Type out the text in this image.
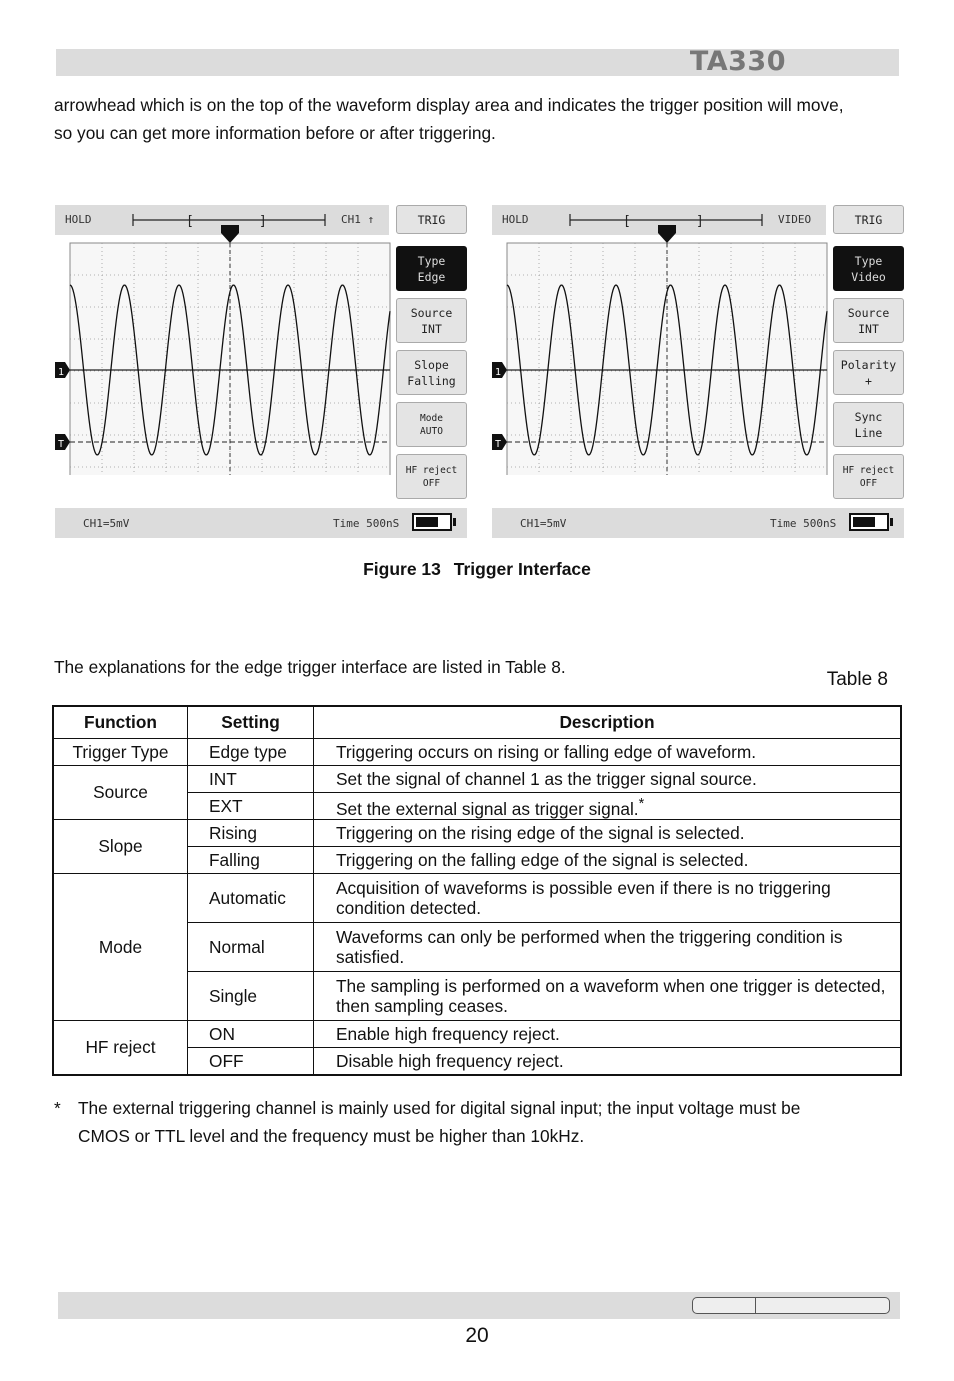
TA330
arrowhead which is on the top of the waveform display area and indicates the trigger position will move,
so you can get more information before or after triggering.
HOLD	CH1 ↑
CH1=5mV	Time 500nS
[	]
1
T
TRIG
Type
Edge
Source
INT
Slope
Falling
Mode
AUTO
HF reject
OFF
HOLD	VIDEO
CH1=5mV	Time 500nS
[	]
1
T
TRIG
Type
Video
Source
INT
Polarity
+
Sync
Line
HF reject
OFF
Figure 13 Trigger Interface
The explanations for the edge trigger interface are listed in Table 8.
Table 8
Function	Setting	Description
Trigger Type	Edge type	Triggering occurs on rising or falling edge of waveform.
Source	INT	Set the signal of channel 1 as the trigger signal source.
	EXT	Set the external signal as trigger signal.*
Slope	Rising	Triggering on the rising edge of the signal is selected.
	Falling	Triggering on the falling edge of the signal is selected.
Mode	Automatic	Acquisition of waveforms is possible even if there is no triggering condition detected.
	Normal	Waveforms can only be performed when the triggering condition is satisfied.
	Single	The sampling is performed on a waveform when one trigger is detected, then sampling ceases.
HF reject	ON	Enable high frequency reject.
	OFF	Disable high frequency reject.
* The external triggering channel is mainly used for digital signal input; the input voltage must be
CMOS or TTL level and the frequency must be higher than 10kHz.
20
